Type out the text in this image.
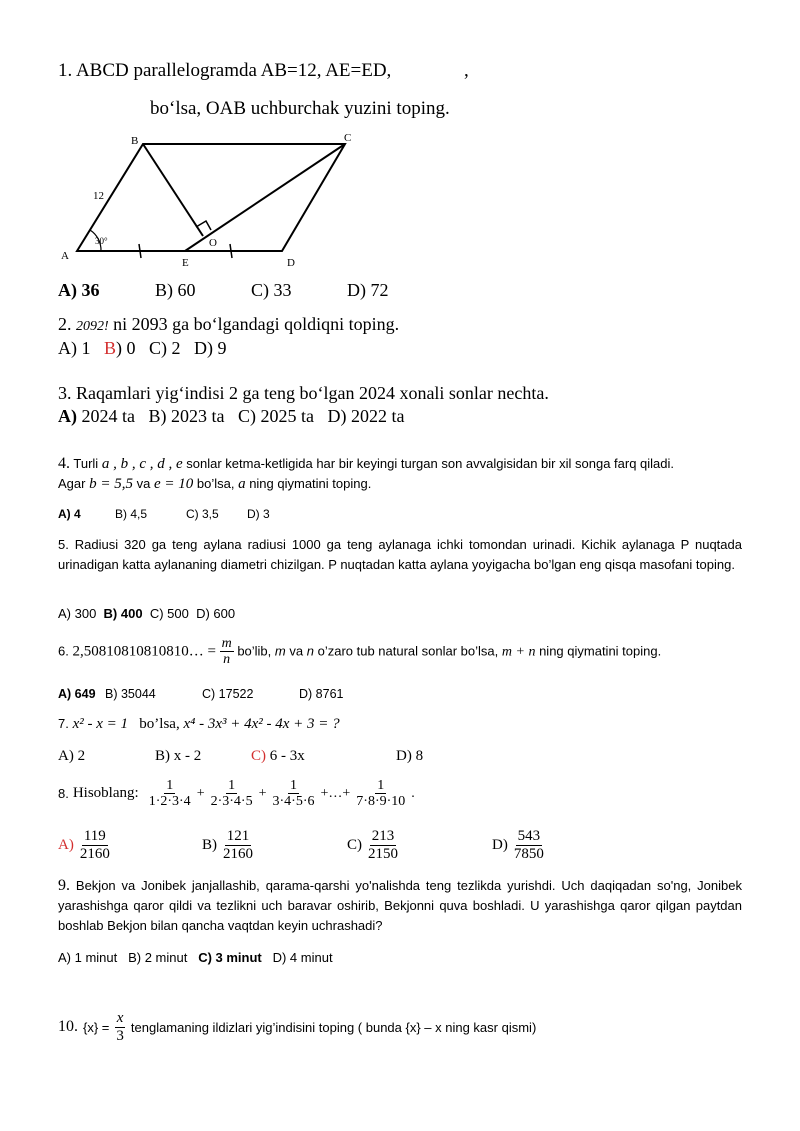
1. ABCD parallelogramda AB=12, AE=ED,	,
bo‘lsa, OAB uchburchak yuzini toping.
B	C
A
E	D
O
12
30°
A) 36	B) 60	C) 33	D) 72
2. 2092! ni 2093 ga bo‘lgandagi qoldiqni toping.
A) 1 B) 0 C) 2 D) 9
3. Raqamlari yig‘indisi 2 ga teng bo‘lgan 2024 xonali sonlar nechta.
A) 2024 ta B) 2023 ta C) 2025 ta D) 2022 ta
4. Turli a , b , c , d , e sonlar ketma-ketligida har bir keyingi turgan son avvalgisidan bir xil songa farq qiladi.
Agar b = 5,5 va e = 10 bo’lsa, a ning qiymatini toping.
A) 4	B) 4,5	C) 3,5 D) 3
5. Radiusi 320 ga teng aylana radiusi 1000 ga teng aylanaga ichki tomondan urinadi. Kichik aylanaga P nuqtada urinadigan katta aylananing diametri chizilgan. P nuqtadan katta aylana yoyigacha bo’lgan eng qisqa masofani toping.
A) 300 B) 400 C) 500 D) 600
6. 2,50810810810810… = $\frac{m}{n}$ bo’lib, m va n o’zaro tub natural sonlar bo’lsa, m + n ning qiymatini toping.
A) 649 B) 35044	C) 17522	D) 8761
7. x² - x = 1 bo’lsa, x⁴ - 3x³ + 4x² - 4x + 3 = ?
A) 2	B) x - 2	C) 6 - 3x	D) 8
8. Hisoblang: $\frac{1}{1\cdot 2\cdot 3\cdot 4} + \frac{1}{2\cdot 3\cdot 4\cdot 5} + \frac{1}{3\cdot 4\cdot 5\cdot 6}$ +…+ $\frac{1}{7\cdot 8\cdot 9\cdot 10}$ .
$A) \frac{119}{2160}$	$B) \frac{121}{2160}$	$C) \frac{213}{2150}$	$D) \frac{543}{7850}$
9. Bekjon va Jonibek janjallashib, qarama-qarshi yo'nalishda teng tezlikda yurishdi. Uch daqiqadan so'ng, Jonibek yarashishga qaror qildi va tezlikni uch baravar oshirib, Bekjonni quva boshladi. U yarashishga qaror qilgan paytdan boshlab Bekjon bilan qancha vaqtdan keyin uchrashadi?
A) 1 minut B) 2 minut C) 3 minut D) 4 minut
10. $\{x\} = \frac{x}{3}$ tenglamaning ildizlari yig’indisini toping ( bunda {x} – x ning kasr qismi)
